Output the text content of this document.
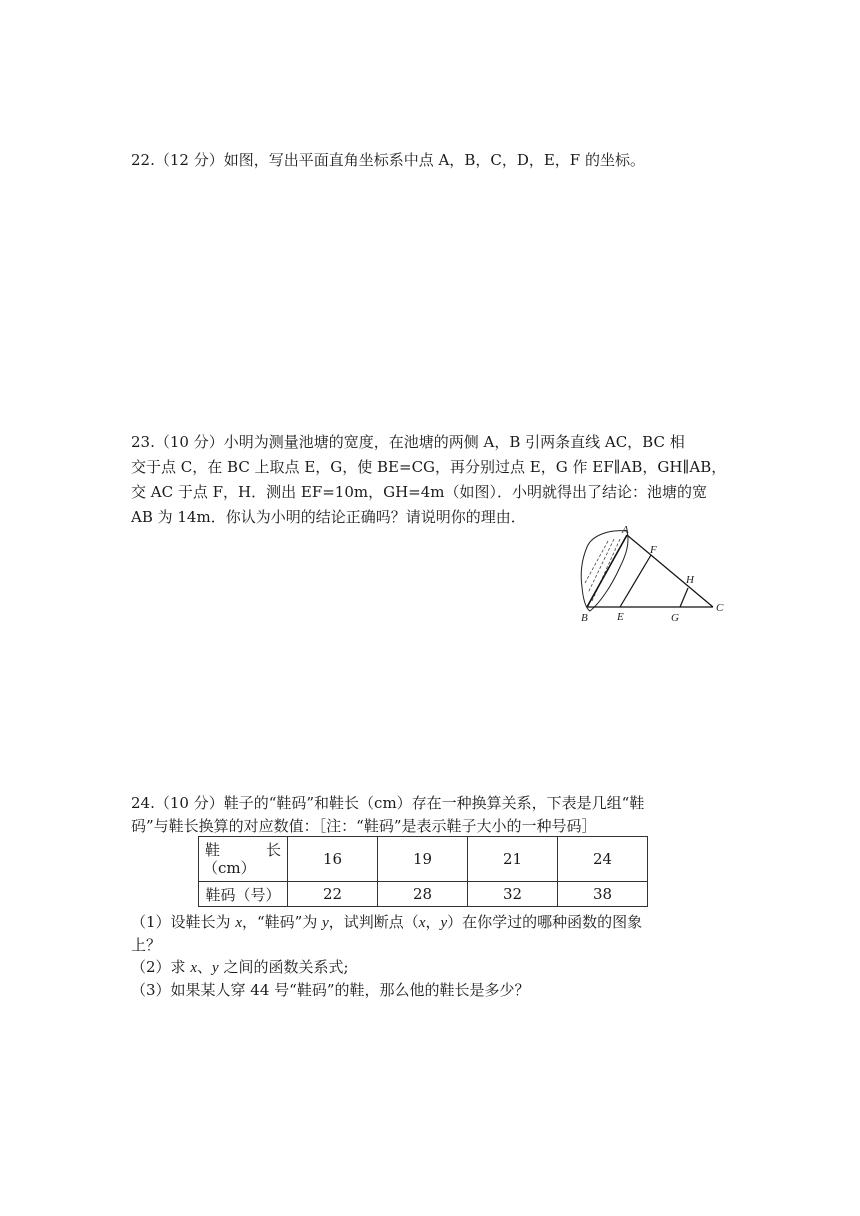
22.（12 分）如图，写出平面直角坐标系中点 A，B，C，D，E，F 的坐标。
23.（10 分）小明为测量池塘的宽度，在池塘的两侧 A，B 引两条直线 AC，BC 相
交于点 C，在 BC 上取点 E，G，使 BE=CG，再分别过点 E，G 作 EF∥AB，GH∥AB，
交 AC 于点 F，H．测出 EF=10m，GH=4m（如图）．小明就得出了结论：池塘的宽
AB 为 14m．你认为小明的结论正确吗？请说明你的理由．
A
F
H
C
B	E	G
24.（10 分）鞋子的“鞋码”和鞋长（cm）存在一种换算关系，下表是几组“鞋
码”与鞋长换算的对应数值：［注：“鞋码”是表示鞋子大小的一种号码］
鞋 长
（cm）	16	19	21	24
鞋码（号）	22	28	32	38
（1）设鞋长为 x，“鞋码”为 y，试判断点（x，y）在你学过的哪种函数的图象
上？
（2）求 x、y 之间的函数关系式;
（3）如果某人穿 44 号“鞋码”的鞋，那么他的鞋长是多少？
